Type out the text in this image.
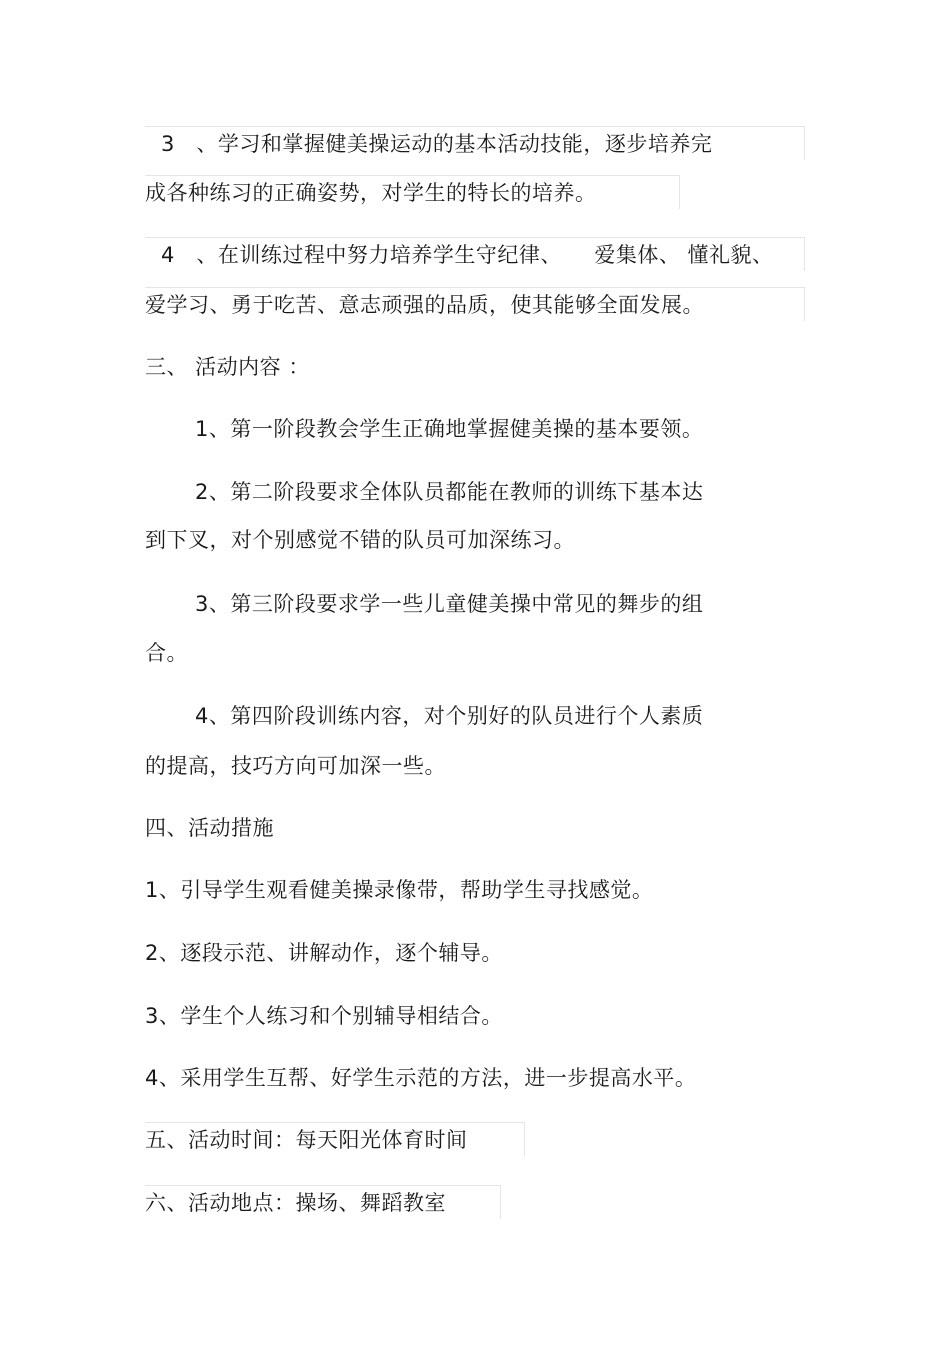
3　、学习和掌握健美操运动的基本活动技能，逐步培养完
成各种练习的正确姿势，对学生的特长的培养。
4　、在训练过程中努力培养学生守纪律、　　爱集体、 懂礼貌、
爱学习、勇于吃苦、意志顽强的品质，使其能够全面发展。
三、 活动内容 ：
1、第一阶段教会学生正确地掌握健美操的基本要领。
2、第二阶段要求全体队员都能在教师的训练下基本达
到下叉，对个别感觉不错的队员可加深练习。
3、第三阶段要求学一些儿童健美操中常见的舞步的组
合。
4、第四阶段训练内容，对个别好的队员进行个人素质
的提高，技巧方向可加深一些。
四、活动措施
1、引导学生观看健美操录像带，帮助学生寻找感觉。
2、逐段示范、讲解动作，逐个辅导。
3、学生个人练习和个别辅导相结合。
4、采用学生互帮、好学生示范的方法，进一步提高水平。
五、活动时间：每天阳光体育时间
六、活动地点：操场、舞蹈教室
